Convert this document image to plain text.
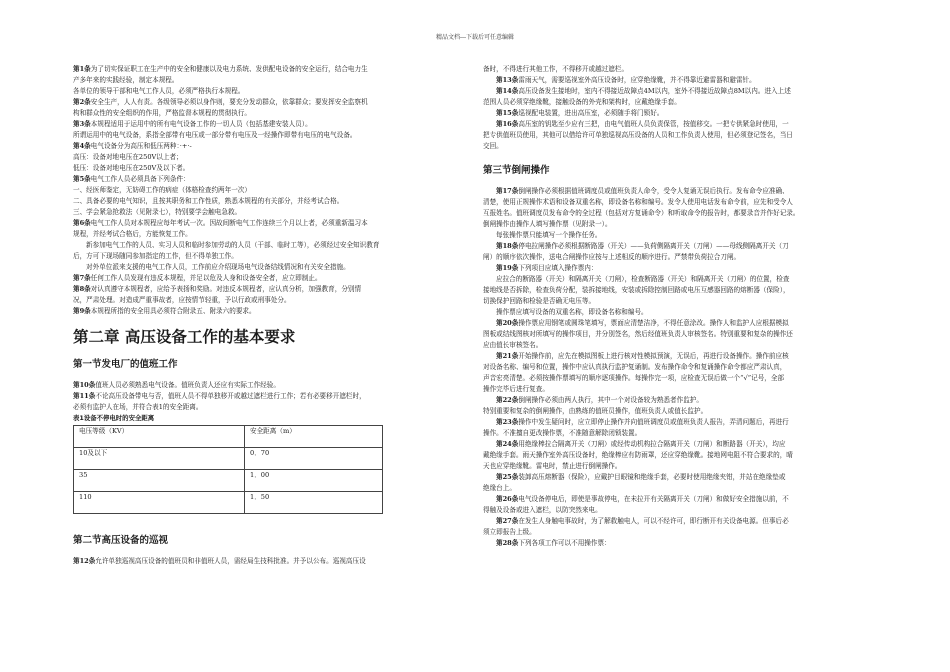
精品文档---下载后可任意编辑
第1条为了切实保证职工在生产中的安全和健康以及电力系统、发供配电设备的安全运行，结合电力生
产多年来的实践经验，制定本规程。
各单位的领导干部和电气工作人员，必须严格执行本规程。
第2条安全生产，人人有责。各级领导必须以身作则，要充分发动群众，依靠群众；要发挥安全监察机
构和群众性的安全组织的作用，严格监督本规程的贯彻执行。
第3条本规程适用于运用中的所有电气设备工作的一切人员（包括基建安装人员）。
所谓运用中的电气设备，系指全部带有电压或一部分带有电压及一经操作即带有电压的电气设备。
第4条电气设备分为高压和低压两种：·+·-
高压：设备对地电压在250V以上者；
低压：设备对地电压在250V及以下者。
第5条电气工作人员必须具备下列条件：
一、经医师鉴定，无妨碍工作的病症（体格检查约两年一次）
二、具备必要的电气知识，且按其职务和工作性质，熟悉本规程的有关部分，并经考试合格。
三、学会紧急抢救法（见附录七），特别要学会触电急救。
第6条电气工作人员对本规程应每年考试一次。因故间断电气工作连续三个月以上者，必须重新温习本
规程，并经考试合格后，方能恢复工作。
新参加电气工作的人员、实习人员和临时参加劳动的人员（干部、临时工等），必须经过安全知识教育
后，方可下现场随同参加指定的工作，但不得单独工作。
对外单位派来支援的电气工作人员，工作前应介绍现场电气设备结线情况和有关安全措施。
第7条任何工作人员发现有违反本规程，并足以危及人身和设备安全者，应立即制止。
第8条对认真遵守本规程者，应给予表扬和奖励。对违反本规程者，应认真分析，加强教育，分别情
况，严肃处理。对造成严重事故者，应按情节轻重，予以行政或刑事处分。
第9条本规程所指的安全用具必须符合附录五、附录六的要求。
第二章 高压设备工作的基本要求
第一节发电厂的值班工作
第10条值班人员必须熟悉电气设备。值班负责人还应有实际工作经验。
第11条不论高压设备带电与否，值班人员不得单独移开或越过遮栏进行工作；若有必要移开遮栏时，
必须有监护人在场，并符合表1的安全距离。
表1设备不停电时的安全距离
电压等级（KV）	安全距离（m）
10及以下	0．70
35	1．00
110	1．50
第二节高压设备的巡视
第12条允许单独巡视高压设备的值班员和非值班人员，需经局生技科批准。并予以公布。巡视高压设
备时，不得进行其他工作，不得移开或越过遮栏。
第13条雷雨天气，需要巡视室外高压设备时，应穿绝缘靴，并不得靠近避雷器和避雷针。
第14条高压设备发生接地时，室内不得接近故障点4M以内，室外不得接近故障点8M以内。进入上述
范围人员必须穿绝缘靴，接触设备的外壳和架构时，应戴绝缘手套。
第15条巡视配电装置，进出高压室，必须随手将门锁好。
第16条高压室的钥匙至少应有三把，由电气值班人员负责保管，按值移交。一把专供紧急时使用，一
把专供值班员使用，其他可以借给许可单独巡视高压设备的人员和工作负责人使用，但必须登记签名，当日
交回。
第三节倒闸操作
第17条倒闸操作必须根据值班调度员或值班负责人命令，受令人复诵无误后执行。发布命令应准确、
清楚，使用正规操作术语和设备双重名称，即设备名称和编号。发令人使用电话发布命令前，应先和受令人
互报姓名。值班调度员发布命令的全过程（包括对方复诵命令）和听取命令的报告时，都要录音并作好记录。
倒闸操作由操作人填写操作票（见附录一）。
每张操作票只能填写一个操作任务。
第18条停电拉闸操作必须根据断路器（开关）——负荷侧隔离开关（刀闸）——母线侧隔离开关（刀
闸）的顺序依次操作，送电合闸操作应按与上述相反的顺序进行。严禁带负荷拉合刀闸。
第19条下列项目应填入操作票内：
应拉合的断路器（开关）和隔离开关（刀闸），检查断路器（开关）和隔离开关（刀闸）的位置，检查
接地线是否拆除，检查负荷分配，装拆接地线，安装或拆除控制回路或电压互感器回路的熔断器（保险），
切换保护回路和检验是否确无电压等。
操作票应填写设备的双重名称，即设备名称和编号。
第20条操作票应用钢笔或圆珠笔填写，票面应清楚洁净，不得任意涂改。操作人和监护人应根据模拟
图板或结线图核对所填写的操作项目，并分别签名，然后经值班负责人审核签名。特别重要和复杂的操作还
应由值长审核签名。
第21条开始操作前，应先在模拟图板上进行核对性模拟预演，无误后，再进行设备操作。操作前应核
对设备名称、编号和位置，操作中应认真执行监护复诵制。发布操作命令和复诵操作命令都应严肃认真，
声音宏亮清楚。必须按操作票填写的顺序逐项操作。每操作完一项，应检查无误后做一个“√”记号，全部
操作完毕后进行复查。
第22条倒闸操作必须由两人执行，其中一个对设备较为熟悉者作监护。
特别重要和复杂的倒闸操作，由熟练的值班员操作，值班负责人或值长监护。
第23条操作中发生疑问时，应立即停止操作并向值班调度员或值班负责人报告，弄清问题后，再进行
操作。不准擅自更改操作票，不准随意解除闭锁装置。
第24条用绝缘棒拉合隔离开关（刀闸）或经传动机构拉合隔离开关（刀闸）和断路器（开关），均应
戴绝缘手套。雨天操作室外高压设备时，绝缘棒应有防雨罩，还应穿绝缘靴。接地网电阻不符合要求的，晴
天也应穿绝缘靴。雷电时，禁止进行倒闸操作。
第25条装卸高压熔断器（保险），应戴护目眼镜和绝缘手套，必要时使用绝缘夹钳，并站在绝缘垫或
绝缘台上。
第26条电气设备停电后，即使是事故停电，在未拉开有关隔离开关（刀闸）和做好安全措施以前，不
得触及设备或进入遮栏，以防突然来电。
第27条在发生人身触电事故时，为了解救触电人，可以不经许可，即行断开有关设备电源。但事后必
须立即报告上级。
第28条下列各项工作可以不用操作票：
